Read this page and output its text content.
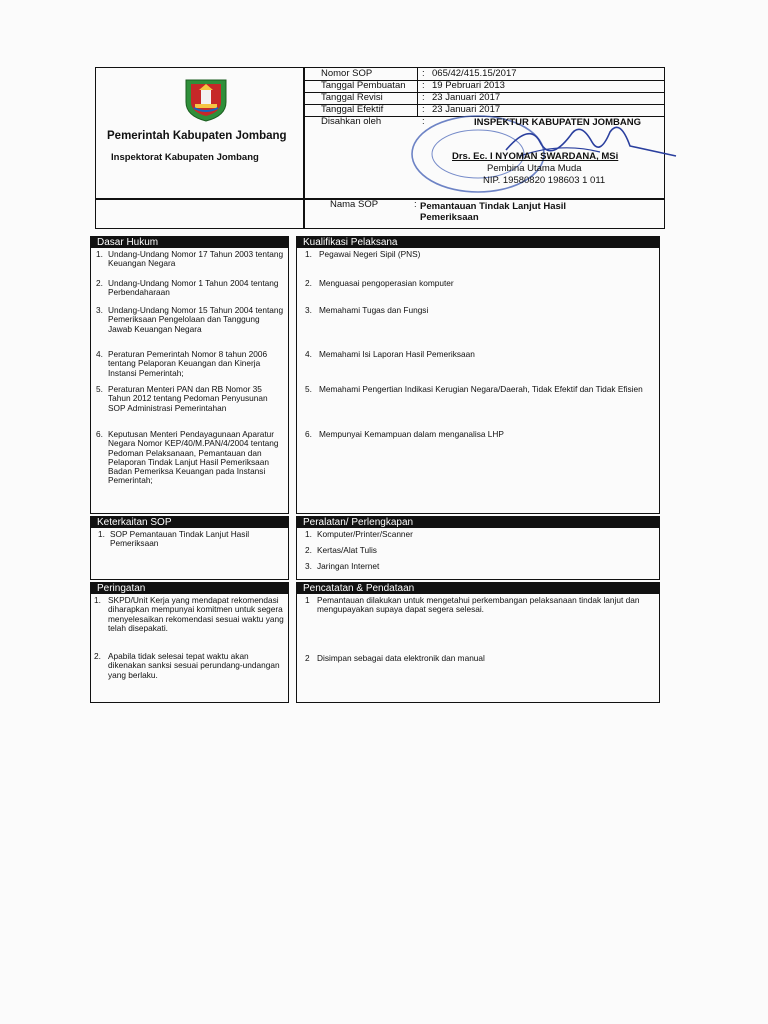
Pemerintah Kabupaten Jombang
Inspektorat Kabupaten Jombang
Nomor SOP	: 065/42/415.15/2017
Tanggal Pembuatan : 19 Pebruari 2013
Tanggal Revisi	: 23 Januari 2017
Tanggal Efektif	: 23 Januari 2017
Disahkan oleh	:	INSPEKTUR KABUPATEN JOMBANG
Drs. Ec. I NYOMAN SWARDANA, MSi
Pembina Utama Muda
NIP. 19580820 198603 1 011
Nama SOP	: Pemantauan Tindak Lanjut Hasil Pemeriksaan
Dasar Hukum	Kualifikasi Pelaksana
Keterkaitan SOP	Peralatan/ Perlengkapan
Peringatan	Pencatatan & Pendataan
1. Undang-Undang Nomor 17 Tahun 2003 tentang Keuangan Negara
2. Undang-Undang Nomor 1 Tahun 2004 tentang Perbendaharaan
3. Undang-Undang Nomor 15 Tahun 2004 tentang Pemeriksaan Pengelolaan dan Tanggung Jawab Keuangan Negara
4. Peraturan Pemerintah Nomor 8 tahun 2006 tentang Pelaporan Keuangan dan Kinerja Instansi Pemerintah;
5. Peraturan Menteri PAN dan RB Nomor 35 Tahun 2012 tentang Pedoman Penyusunan SOP Administrasi Pemerintahan
6. Keputusan Menteri Pendayagunaan Aparatur Negara Nomor KEP/40/M.PAN/4/2004 tentang Pedoman Pelaksanaan, Pemantauan dan Pelaporan Tindak Lanjut Hasil Pemeriksaan Badan Pemeriksa Keuangan pada Instansi Pemerintah;
1. Pegawai Negeri Sipil (PNS)
2. Menguasai pengoperasian komputer
3. Memahami Tugas dan Fungsi
4. Memahami Isi Laporan Hasil Pemeriksaan
5. Memahami Pengertian Indikasi Kerugian Negara/Daerah, Tidak Efektif dan Tidak Efisien
6. Mempunyai Kemampuan dalam menganalisa LHP
1. SOP Pemantauan Tindak Lanjut Hasil Pemeriksaan
1. Komputer/Printer/Scanner
2. Kertas/Alat Tulis
3. Jaringan Internet
1. SKPD/Unit Kerja yang mendapat rekomendasi diharapkan mempunyai komitmen untuk segera menyelesaikan rekomendasi sesuai waktu yang telah disepakati.
2. Apabila tidak selesai tepat waktu akan dikenakan sanksi sesuai perundang-undangan yang berlaku.
1 Pemantauan dilakukan untuk mengetahui perkembangan pelaksanaan tindak lanjut dan mengupayakan supaya dapat segera selesai.
2 Disimpan sebagai data elektronik dan manual
